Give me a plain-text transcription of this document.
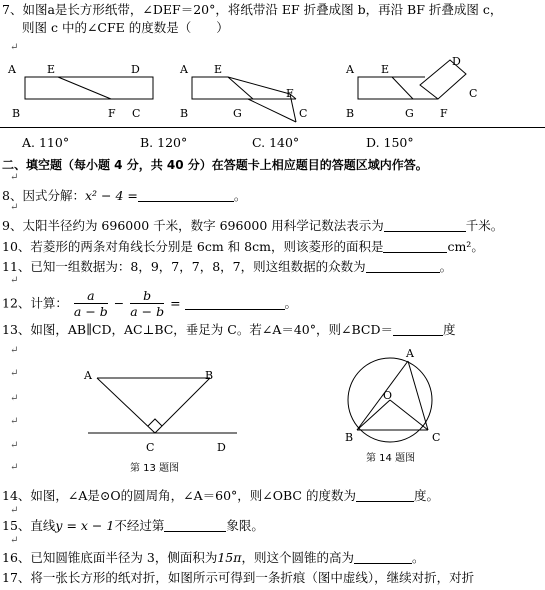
7、如图a是长方形纸带，∠DEF＝20°，将纸带沿 EF 折叠成图 b，再沿 BF 折叠成图 c，
则图 c 中的∠CFE 的度数是（　　）
↵
A	E	D
B	F C
A E
F
B	G	C
A E
D
C
B	G F
A. 110°	B. 120°	C. 140°	D. 150°
二、填空题（每小题 4 分，共 40 分）在答题卡上相应题目的答题区域内作答。
↵
8、因式分解：x² − 4 =	。
↵
9、太阳半径约为 696000 千米，数字 696000 用科学记数法表示为	千米。
10、若菱形的两条对角线长分别是 6cm 和 8cm，则该菱形的面积是	cm²。
11、已知一组数据为：8，9，7，7，8，7，则这组数据的众数为	。
↵
12、计算： $\frac{a}{a - b} - \frac{b}{a - b}$ =	。
13、如图，AB∥CD，AC⊥BC，垂足为 C。若∠A＝40°，则∠BCD＝	度
↵
↵
↵
↵
↵
↵
A	B
C	D
第 13 题图
A
O
B	C
第 14 题图
14、如图，∠A是⊙O的圆周角，∠A＝60°，则∠OBC 的度数为	度。
↵
15、直线y = x − 1不经过第	象限。
↵
16、已知圆锥底面半径为 3，侧面积为15π，则这个圆锥的高为	。
17、将一张长方形的纸对折，如图所示可得到一条折痕（图中虚线），继续对折，对折
